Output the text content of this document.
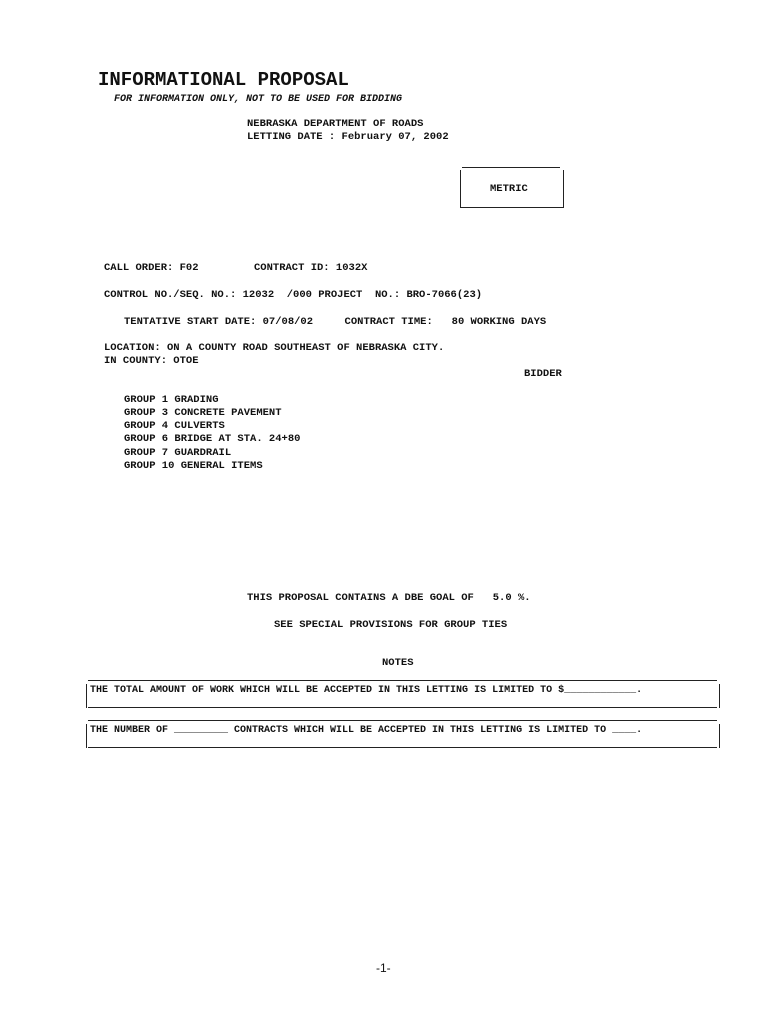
INFORMATIONAL PROPOSAL
FOR INFORMATION ONLY, NOT TO BE USED FOR BIDDING
NEBRASKA DEPARTMENT OF ROADS
LETTING DATE : February 07, 2002
METRIC
CALL ORDER: F02	CONTRACT ID: 1032X
CONTROL NO./SEQ. NO.: 12032  /000 PROJECT  NO.: BRO-7066(23)
TENTATIVE START DATE: 07/08/02     CONTRACT TIME:   80 WORKING DAYS
LOCATION: ON A COUNTY ROAD SOUTHEAST OF NEBRASKA CITY.
IN COUNTY: OTOE
BIDDER
GROUP 1 GRADING
GROUP 3 CONCRETE PAVEMENT
GROUP 4 CULVERTS
GROUP 6 BRIDGE AT STA. 24+80
GROUP 7 GUARDRAIL
GROUP 10 GENERAL ITEMS
THIS PROPOSAL CONTAINS A DBE GOAL OF   5.0 %.
SEE SPECIAL PROVISIONS FOR GROUP TIES
NOTES
THE TOTAL AMOUNT OF WORK WHICH WILL BE ACCEPTED IN THIS LETTING IS LIMITED TO $____________.
THE NUMBER OF _________ CONTRACTS WHICH WILL BE ACCEPTED IN THIS LETTING IS LIMITED TO ____.
-1-
